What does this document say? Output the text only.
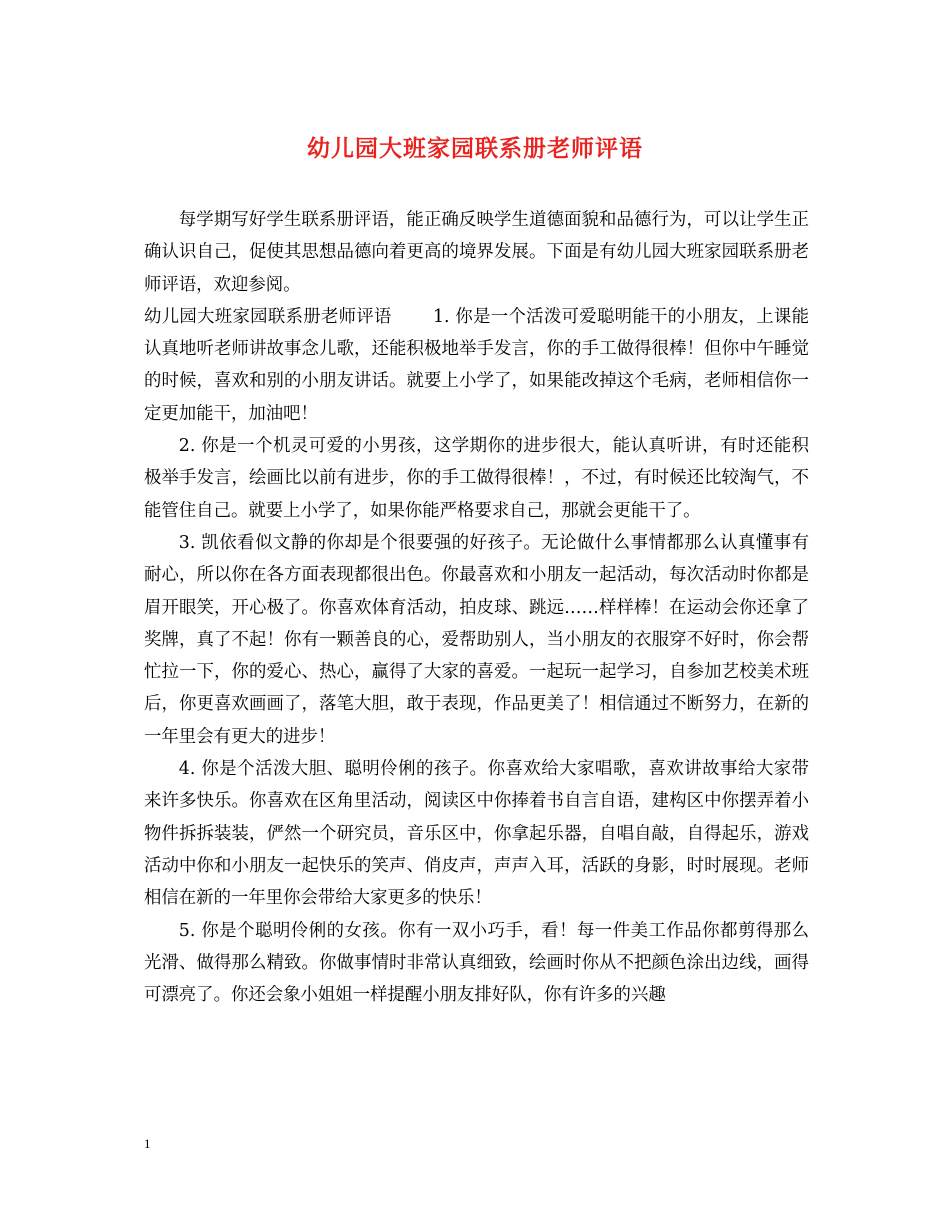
幼儿园大班家园联系册老师评语

每学期写好学生联系册评语，能正确反映学生道德面貌和品德行为，可以让学生正确认识自己，促使其思想品德向着更高的境界发展。下面是有幼儿园大班家园联系册老师评语，欢迎参阅。

幼儿园大班家园联系册老师评语　　 1. 你是一个活泼可爱聪明能干的小朋友，上课能认真地听老师讲故事念儿歌，还能积极地举手发言，你的手工做得很棒！但你中午睡觉的时候，喜欢和别的小朋友讲话。就要上小学了，如果能改掉这个毛病，老师相信你一定更加能干，加油吧！

2. 你是一个机灵可爱的小男孩，这学期你的进步很大，能认真听讲，有时还能积极举手发言，绘画比以前有进步，你的手工做得很棒！，不过，有时候还比较淘气，不能管住自己。就要上小学了，如果你能严格要求自己，那就会更能干了。

3. 凯依看似文静的你却是个很要强的好孩子。无论做什么事情都那么认真懂事有耐心，所以你在各方面表现都很出色。你最喜欢和小朋友一起活动，每次活动时你都是眉开眼笑，开心极了。你喜欢体育活动，拍皮球、跳远……样样棒！在运动会你还拿了奖牌，真了不起！你有一颗善良的心，爱帮助别人，当小朋友的衣服穿不好时，你会帮忙拉一下，你的爱心、热心，赢得了大家的喜爱。一起玩一起学习，自参加艺校美术班后，你更喜欢画画了，落笔大胆，敢于表现，作品更美了！相信通过不断努力，在新的一年里会有更大的进步！

4. 你是个活泼大胆、聪明伶俐的孩子。你喜欢给大家唱歌，喜欢讲故事给大家带来许多快乐。你喜欢在区角里活动，阅读区中你捧着书自言自语，建构区中你摆弄着小物件拆拆装装，俨然一个研究员，音乐区中，你拿起乐器，自唱自敲，自得起乐，游戏活动中你和小朋友一起快乐的笑声、俏皮声，声声入耳，活跃的身影，时时展现。老师相信在新的一年里你会带给大家更多的快乐！

5. 你是个聪明伶俐的女孩。你有一双小巧手，看！每一件美工作品你都剪得那么光滑、做得那么精致。你做事情时非常认真细致，绘画时你从不把颜色涂出边线，画得可漂亮了。你还会象小姐姐一样提醒小朋友排好队，你有许多的兴趣

1
